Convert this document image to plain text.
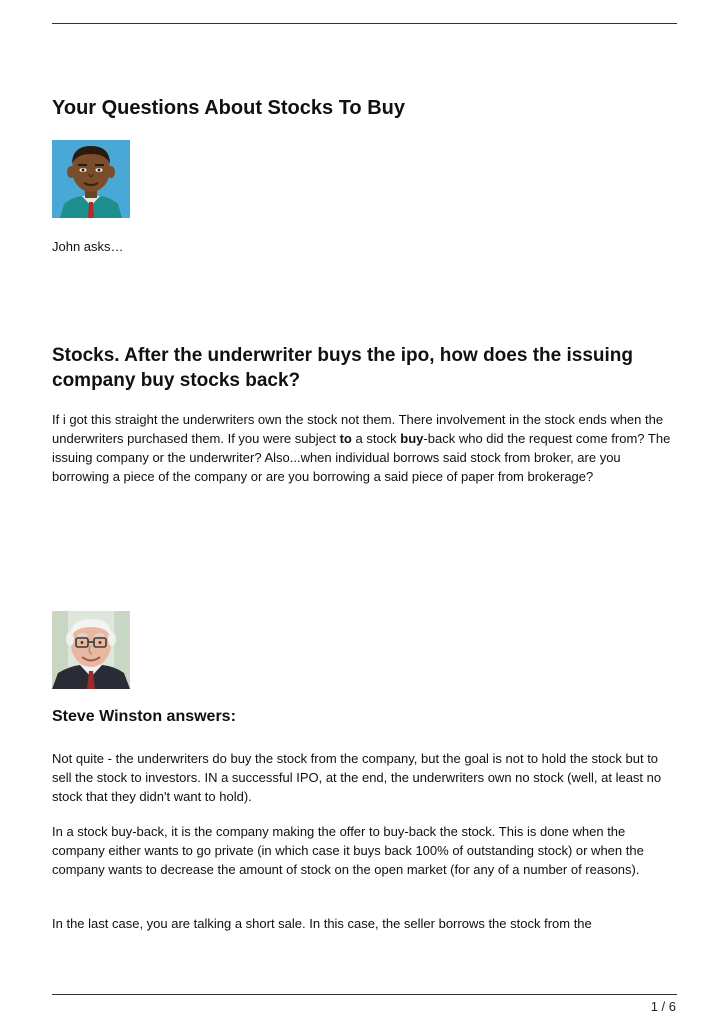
Your Questions About Stocks To Buy

John asks…

Stocks. After the underwriter buys the ipo, how does the issuing company buy stocks back?

If i got this straight the underwriters own the stock not them. There involvement in the stock ends when the underwriters purchased them. If you were subject to a stock buy-back who did the request come from? The issuing company or the underwriter? Also...when individual borrows said stock from broker, are you borrowing a piece of the company or are you borrowing a said piece of paper from brokerage?

Steve Winston answers:

Not quite - the underwriters do buy the stock from the company, but the goal is not to hold the stock but to sell the stock to investors. IN a successful IPO, at the end, the underwriters own no stock (well, at least no stock that they didn't want to hold).

In a stock buy-back, it is the company making the offer to buy-back the stock. This is done when the company either wants to go private (in which case it buys back 100% of outstanding stock) or when the company wants to decrease the amount of stock on the open market (for any of a number of reasons).

In the last case, you are talking a short sale. In this case, the seller borrows the stock from the

1 / 6
